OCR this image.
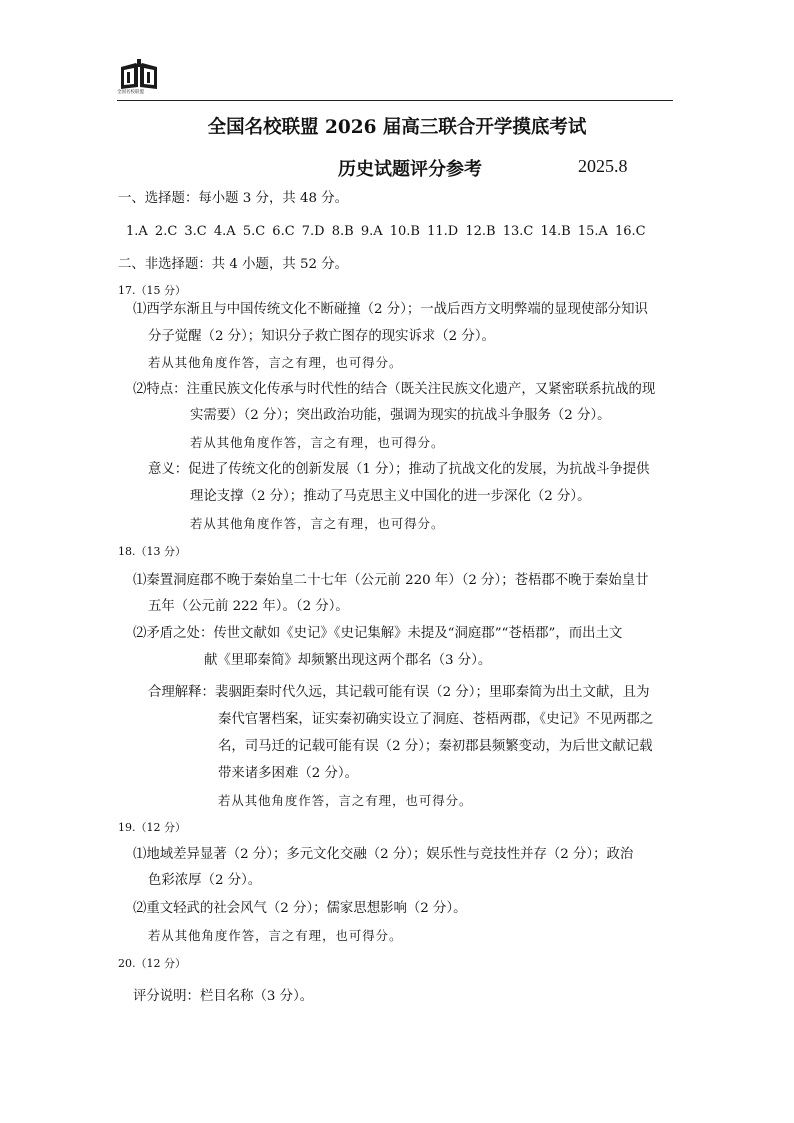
全国名校联盟
全国名校联盟 2026 届高三联合开学摸底考试
历史试题评分参考	2025.8
一、选择题：每小题 3 分，共 48 分。
1.A 2.C 3.C 4.A 5.C 6.C 7.D 8.B 9.A 10.B 11.D 12.B 13.C 14.B 15.A 16.C
二、非选择题：共 4 小题，共 52 分。
17.（15 分）
⑴西学东渐且与中国传统文化不断碰撞（2 分）；一战后西方文明弊端的显现使部分知识
分子觉醒（2 分）；知识分子救亡图存的现实诉求（2 分）。
若从其他角度作答，言之有理，也可得分。
⑵特点：注重民族文化传承与时代性的结合（既关注民族文化遗产，又紧密联系抗战的现
实需要）（2 分）；突出政治功能，强调为现实的抗战斗争服务（2 分）。
若从其他角度作答，言之有理，也可得分。
意义：促进了传统文化的创新发展（1 分）；推动了抗战文化的发展，为抗战斗争提供
理论支撑（2 分）；推动了马克思主义中国化的进一步深化（2 分）。
若从其他角度作答，言之有理，也可得分。
18.（13 分）
⑴秦置洞庭郡不晚于秦始皇二十七年（公元前 220 年）（2 分）；苍梧郡不晚于秦始皇廿
五年（公元前 222 年）。（2 分）。
⑵矛盾之处：传世文献如《史记》《史记集解》未提及“洞庭郡”“苍梧郡”，而出土文
献《里耶秦简》却频繁出现这两个郡名（3 分）。
合理解释：裴骃距秦时代久远，其记载可能有误（2 分）；里耶秦简为出土文献，且为
秦代官署档案，证实秦初确实设立了洞庭、苍梧两郡，《史记》不见两郡之
名，司马迁的记载可能有误（2 分）；秦初郡县频繁变动，为后世文献记载
带来诸多困难（2 分）。
若从其他角度作答，言之有理，也可得分。
19.（12 分）
⑴地域差异显著（2 分）；多元文化交融（2 分）；娱乐性与竞技性并存（2 分）；政治
色彩浓厚（2 分）。
⑵重文轻武的社会风气（2 分）；儒家思想影响（2 分）。
若从其他角度作答，言之有理，也可得分。
20.（12 分）
评分说明：栏目名称（3 分）。
